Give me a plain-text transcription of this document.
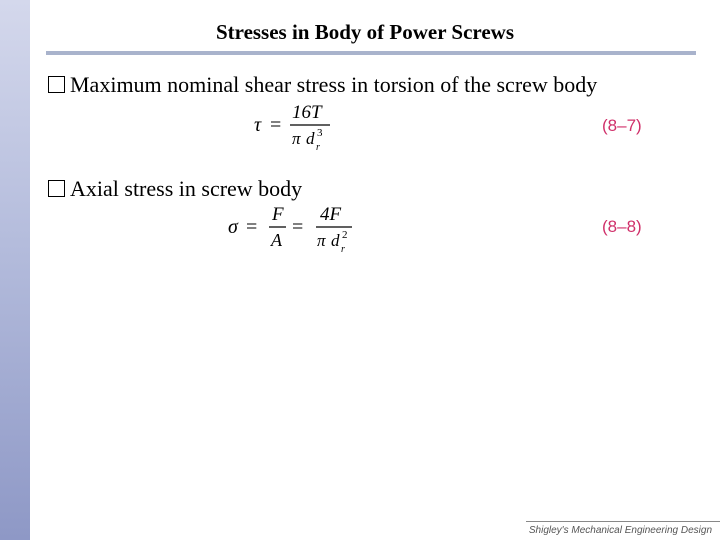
Stresses in Body of Power Screws
Maximum nominal shear stress in torsion of the screw body
τ =
16T
π d r
3	(8–7)
Axial stress in screw body
σ =
F
A
=
4F
π d r
2	(8–8)
Shigley's Mechanical Engineering Design
